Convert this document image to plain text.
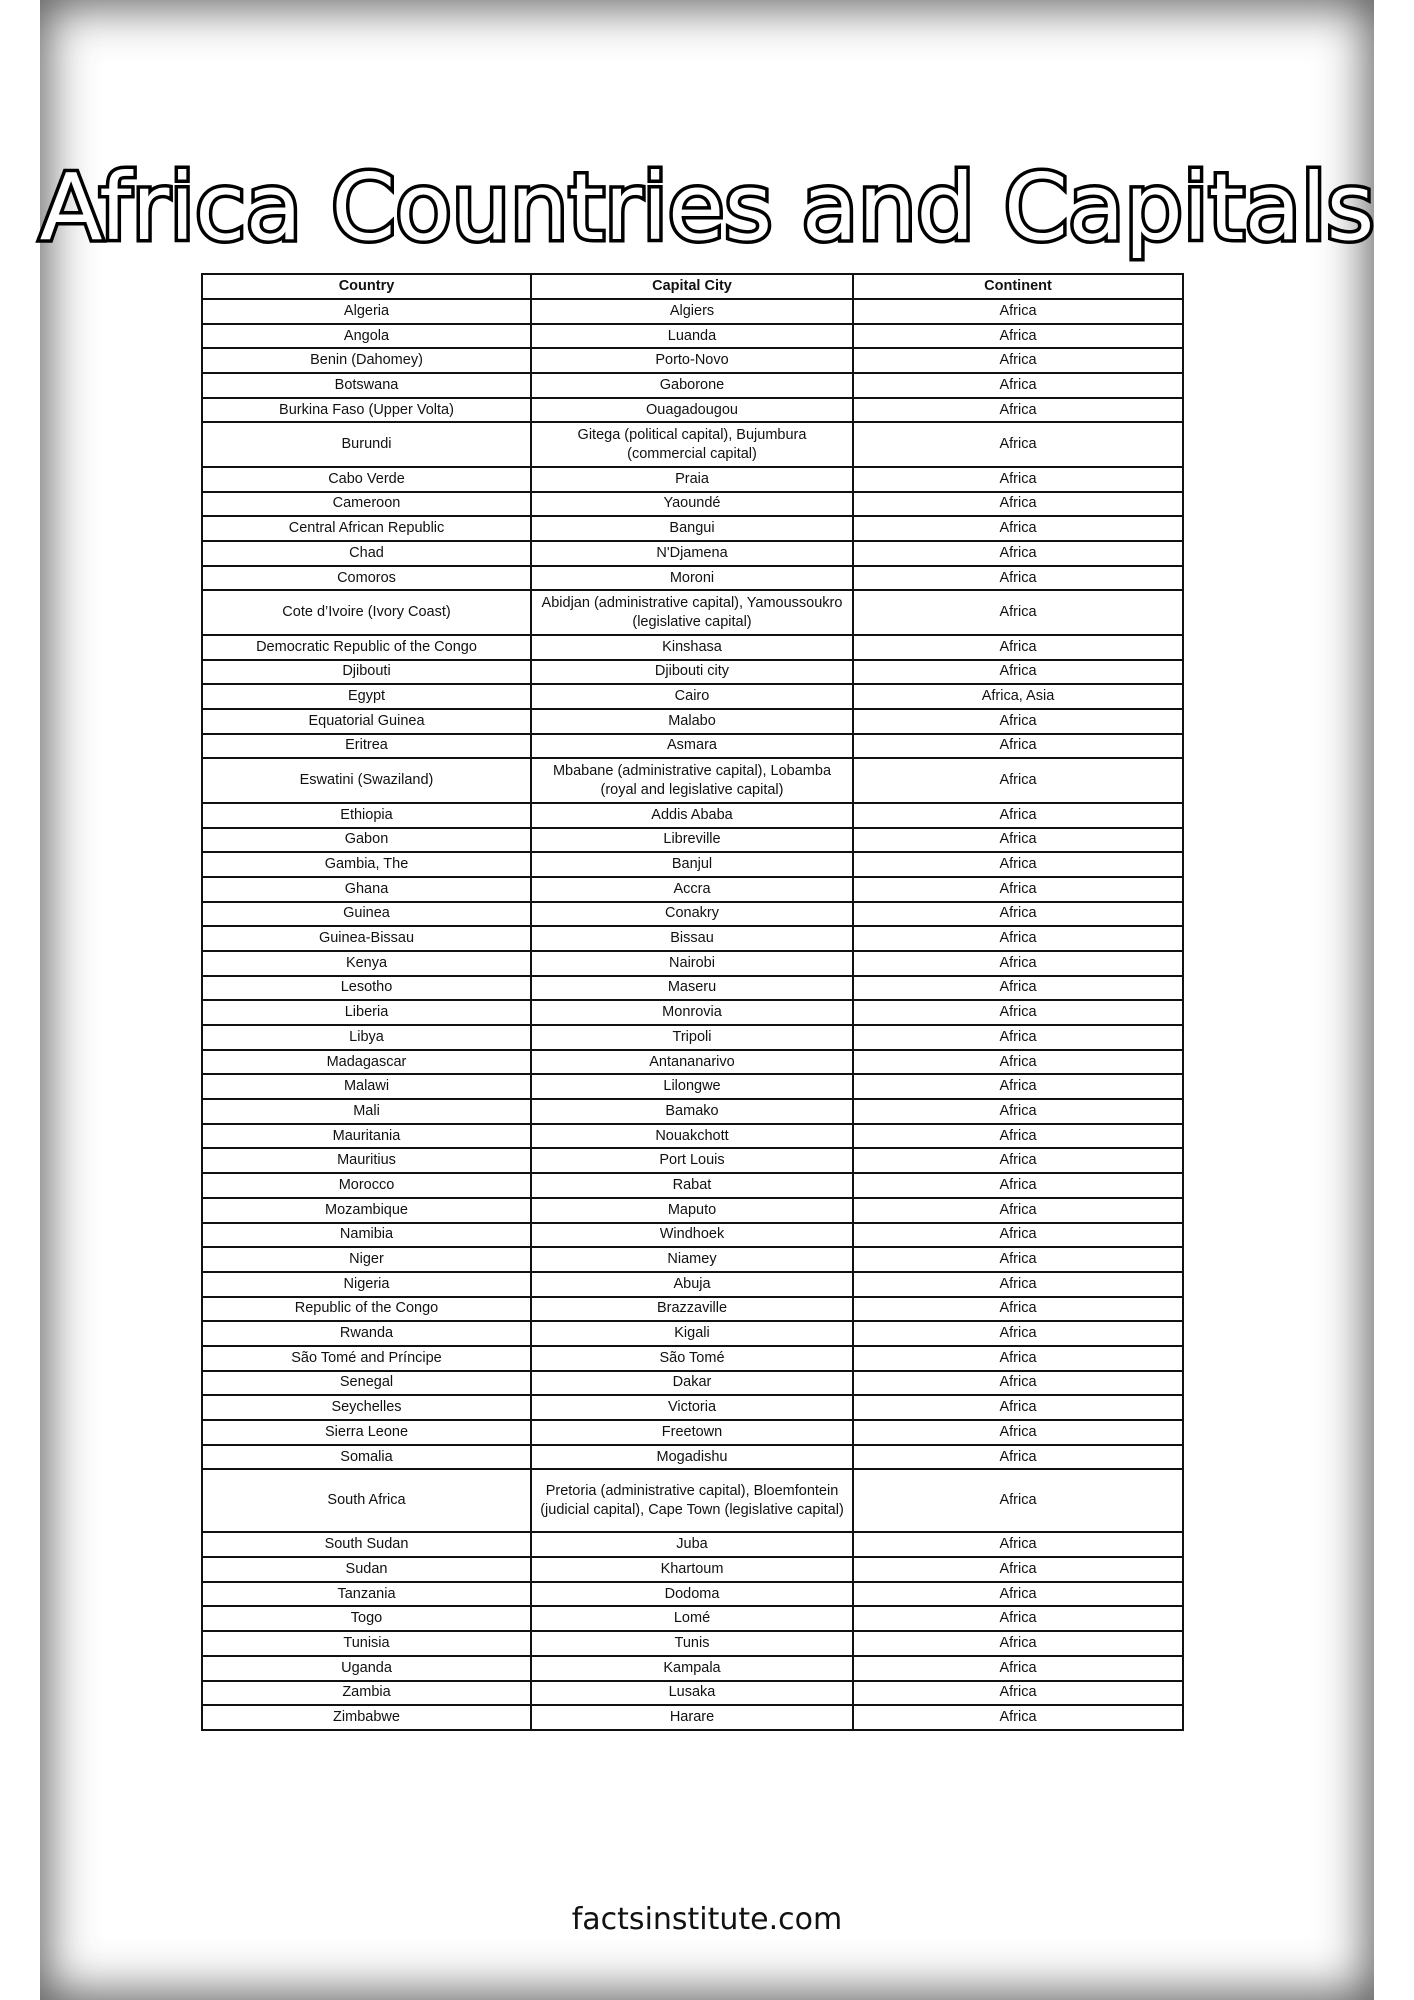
Africa Countries and Capitals
Country	Capital City	Continent
Algeria	Algiers	Africa
Angola	Luanda	Africa
Benin (Dahomey)	Porto-Novo	Africa
Botswana	Gaborone	Africa
Burkina Faso (Upper Volta)	Ouagadougou	Africa
Burundi	Gitega (political capital), Bujumbura (commercial capital)	Africa
Cabo Verde	Praia	Africa
Cameroon	Yaoundé	Africa
Central African Republic	Bangui	Africa
Chad	N'Djamena	Africa
Comoros	Moroni	Africa
Cote d’Ivoire (Ivory Coast)	Abidjan (administrative capital), Yamoussoukro (legislative capital)	Africa
Democratic Republic of the Congo	Kinshasa	Africa
Djibouti	Djibouti city	Africa
Egypt	Cairo	Africa, Asia
Equatorial Guinea	Malabo	Africa
Eritrea	Asmara	Africa
Eswatini (Swaziland)	Mbabane (administrative capital), Lobamba (royal and legislative capital)	Africa
Ethiopia	Addis Ababa	Africa
Gabon	Libreville	Africa
Gambia, The	Banjul	Africa
Ghana	Accra	Africa
Guinea	Conakry	Africa
Guinea-Bissau	Bissau	Africa
Kenya	Nairobi	Africa
Lesotho	Maseru	Africa
Liberia	Monrovia	Africa
Libya	Tripoli	Africa
Madagascar	Antananarivo	Africa
Malawi	Lilongwe	Africa
Mali	Bamako	Africa
Mauritania	Nouakchott	Africa
Mauritius	Port Louis	Africa
Morocco	Rabat	Africa
Mozambique	Maputo	Africa
Namibia	Windhoek	Africa
Niger	Niamey	Africa
Nigeria	Abuja	Africa
Republic of the Congo	Brazzaville	Africa
Rwanda	Kigali	Africa
São Tomé and Príncipe	São Tomé	Africa
Senegal	Dakar	Africa
Seychelles	Victoria	Africa
Sierra Leone	Freetown	Africa
Somalia	Mogadishu	Africa
South Africa	Pretoria (administrative capital), Bloemfontein (judicial capital), Cape Town (legislative capital)	Africa
South Sudan	Juba	Africa
Sudan	Khartoum	Africa
Tanzania	Dodoma	Africa
Togo	Lomé	Africa
Tunisia	Tunis	Africa
Uganda	Kampala	Africa
Zambia	Lusaka	Africa
Zimbabwe	Harare	Africa
factsinstitute.com
